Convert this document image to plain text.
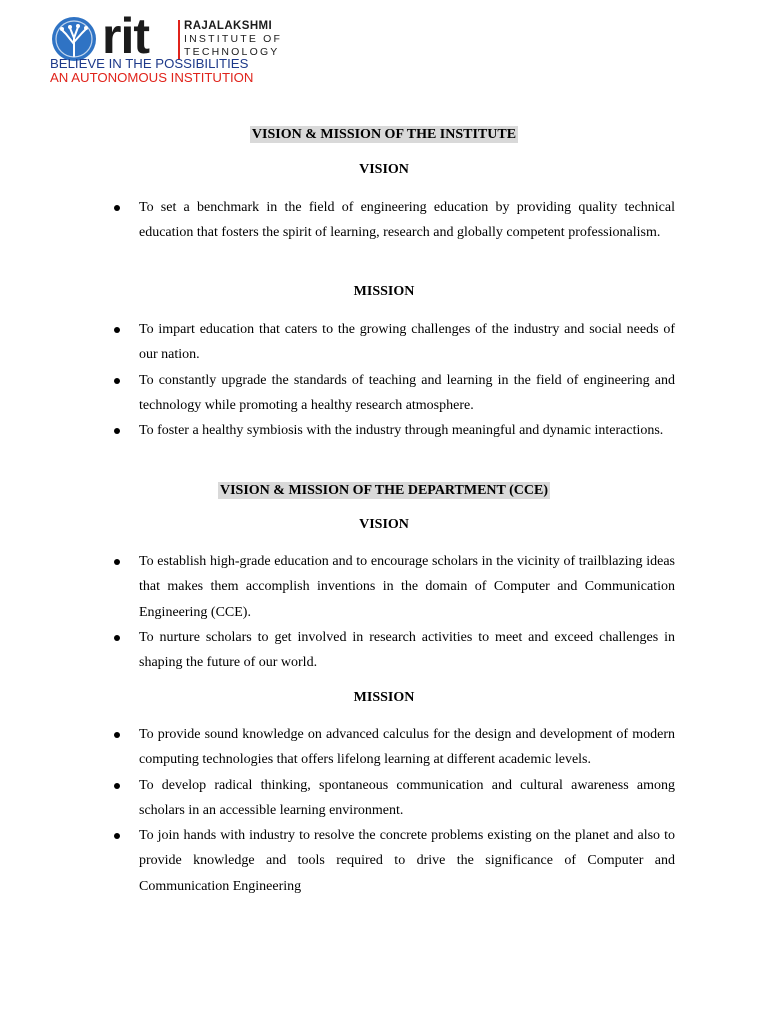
rit	RAJALAKSHMI
INSTITUTE OF
TECHNOLOGY
BELIEVE IN THE POSSIBILITIES
AN AUTONOMOUS INSTITUTION
VISION & MISSION OF THE INSTITUTE
VISION
To set a benchmark in the field of engineering education by providing quality technical education that fosters the spirit of learning, research and globally competent professionalism.
MISSION
To impart education that caters to the growing challenges of the industry and social needs of our nation.
To constantly upgrade the standards of teaching and learning in the field of engineering and technology while promoting a healthy research atmosphere.
To foster a healthy symbiosis with the industry through meaningful and dynamic interactions.
VISION & MISSION OF THE DEPARTMENT (CCE)
VISION
To establish high-grade education and to encourage scholars in the vicinity of trailblazing ideas that makes them accomplish inventions in the domain of Computer and Communication Engineering (CCE).
To nurture scholars to get involved in research activities to meet and exceed challenges in shaping the future of our world.
MISSION
To provide sound knowledge on advanced calculus for the design and development of modern computing technologies that offers lifelong learning at different academic levels.
To develop radical thinking, spontaneous communication and cultural awareness among scholars in an accessible learning environment.
To join hands with industry to resolve the concrete problems existing on the planet and also to provide knowledge and tools required to drive the significance of Computer and Communication Engineering
